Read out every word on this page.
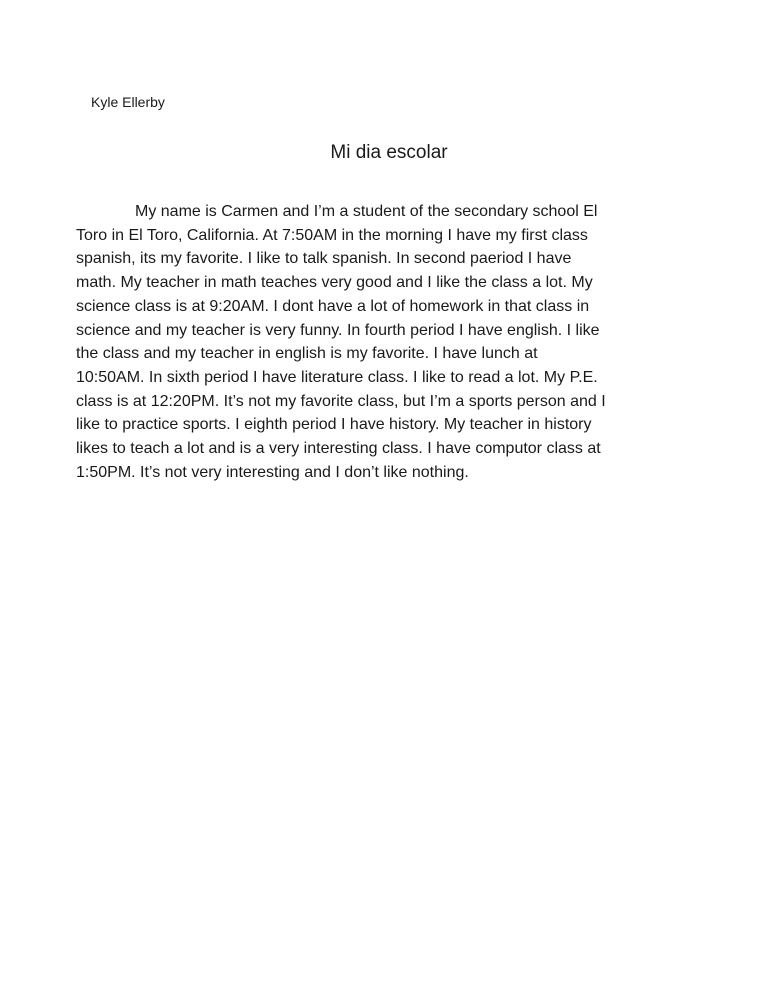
Kyle Ellerby
Mi dia escolar
My name is Carmen and I’m a student of the secondary school El
Toro in El Toro, California. At 7:50AM in the morning I have my first class
spanish, its my favorite. I like to talk spanish. In second paeriod I have
math. My teacher in math teaches very good and I like the class a lot. My
science class is at 9:20AM. I dont have a lot of homework in that class in
science and my teacher is very funny. In fourth period I have english. I like
the class and my teacher in english is my favorite. I have lunch at
10:50AM. In sixth period I have literature class. I like to read a lot. My P.E.
class is at 12:20PM. It’s not my favorite class, but I’m a sports person and I
like to practice sports. I eighth period I have history. My teacher in history
likes to teach a lot and is a very interesting class. I have computor class at
1:50PM. It’s not very interesting and I don’t like nothing.
